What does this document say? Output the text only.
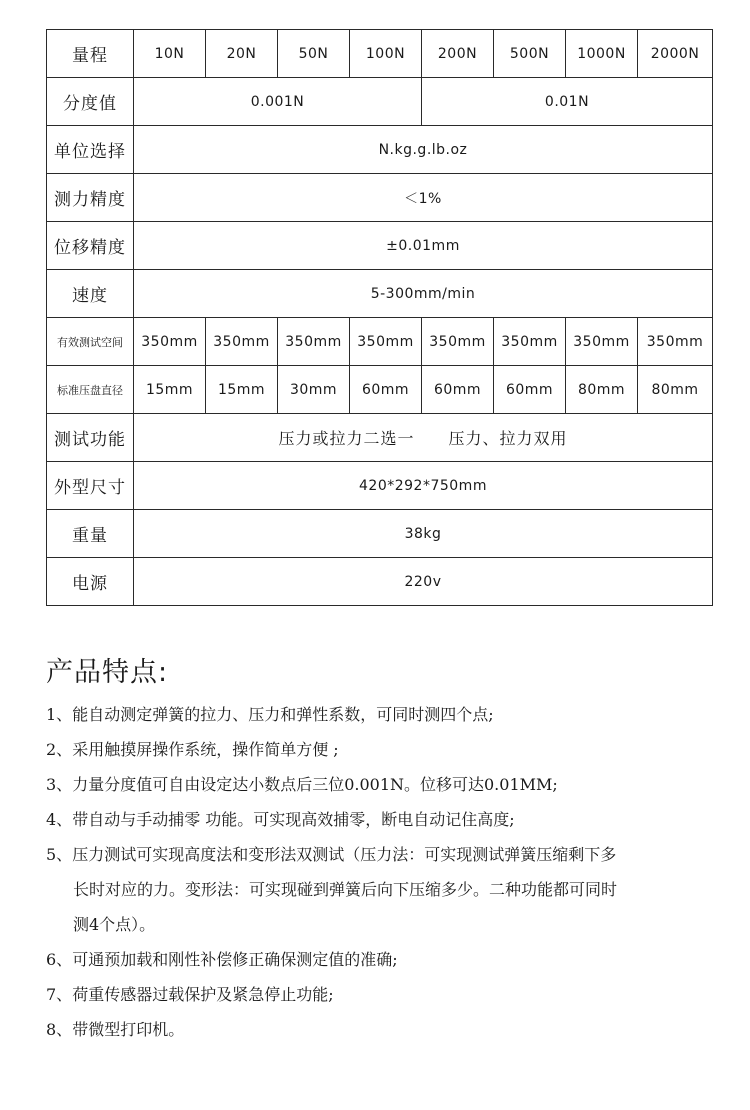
量程	10N	20N	50N	100N	200N	500N	1000N	2000N
分度值	0.001N				0.01N			
单位选择	N.kg.g.lb.oz							
测力精度	＜1%							
位移精度	±0.01mm							
速度	5-300mm/min							
有效测试空间	350mm	350mm	350mm	350mm	350mm	350mm	350mm	350mm
标准压盘直径	15mm	15mm	30mm	60mm	60mm	60mm	80mm	80mm
测试功能	压力或拉力二选一　　压力、拉力双用							
外型尺寸	420*292*750mm							
重量	38kg							
电源	220v							
产品特点:
1、能自动测定弹簧的拉力、压力和弹性系数，可同时测四个点;
2、采用触摸屏操作系统，操作简单方便 ;
3、力量分度值可自由设定达小数点后三位0.001N。位移可达0.01MM;
4、带自动与手动捕零 功能。可实现高效捕零，断电自动记住高度;
5、压力测试可实现高度法和变形法双测试（压力法：可实现测试弹簧压缩剩下多
长时对应的力。变形法：可实现碰到弹簧后向下压缩多少。二种功能都可同时
测4个点）。
6、可通预加载和刚性补偿修正确保测定值的准确;
7、荷重传感器过载保护及紧急停止功能;
8、带微型打印机。
